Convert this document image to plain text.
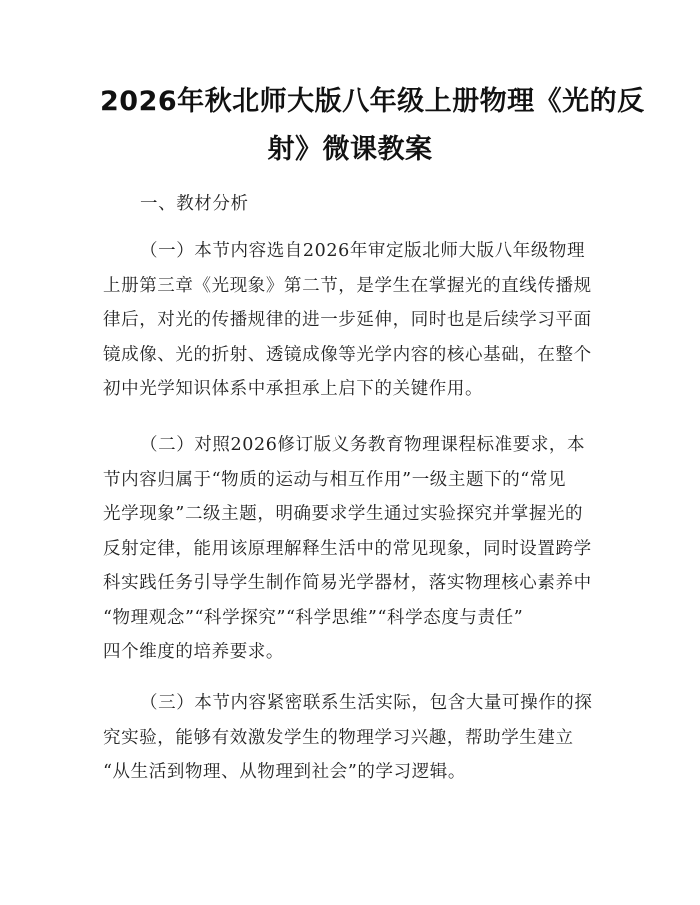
2026年秋北师大版八年级上册物理《光的反
射》微课教案
一、教材分析
（一）本节内容选自2026年审定版北师大版八年级物理
上册第三章《光现象》第二节，是学生在掌握光的直线传播规
律后，对光的传播规律的进一步延伸，同时也是后续学习平面
镜成像、光的折射、透镜成像等光学内容的核心基础，在整个
初中光学知识体系中承担承上启下的关键作用。
（二）对照2026修订版义务教育物理课程标准要求，本
节内容归属于“物质的运动与相互作用”一级主题下的“常见
光学现象”二级主题，明确要求学生通过实验探究并掌握光的
反射定律，能用该原理解释生活中的常见现象，同时设置跨学
科实践任务引导学生制作简易光学器材，落实物理核心素养中
“物理观念”“科学探究”“科学思维”“科学态度与责任”
四个维度的培养要求。
（三）本节内容紧密联系生活实际，包含大量可操作的探
究实验，能够有效激发学生的物理学习兴趣，帮助学生建立
“从生活到物理、从物理到社会”的学习逻辑。
